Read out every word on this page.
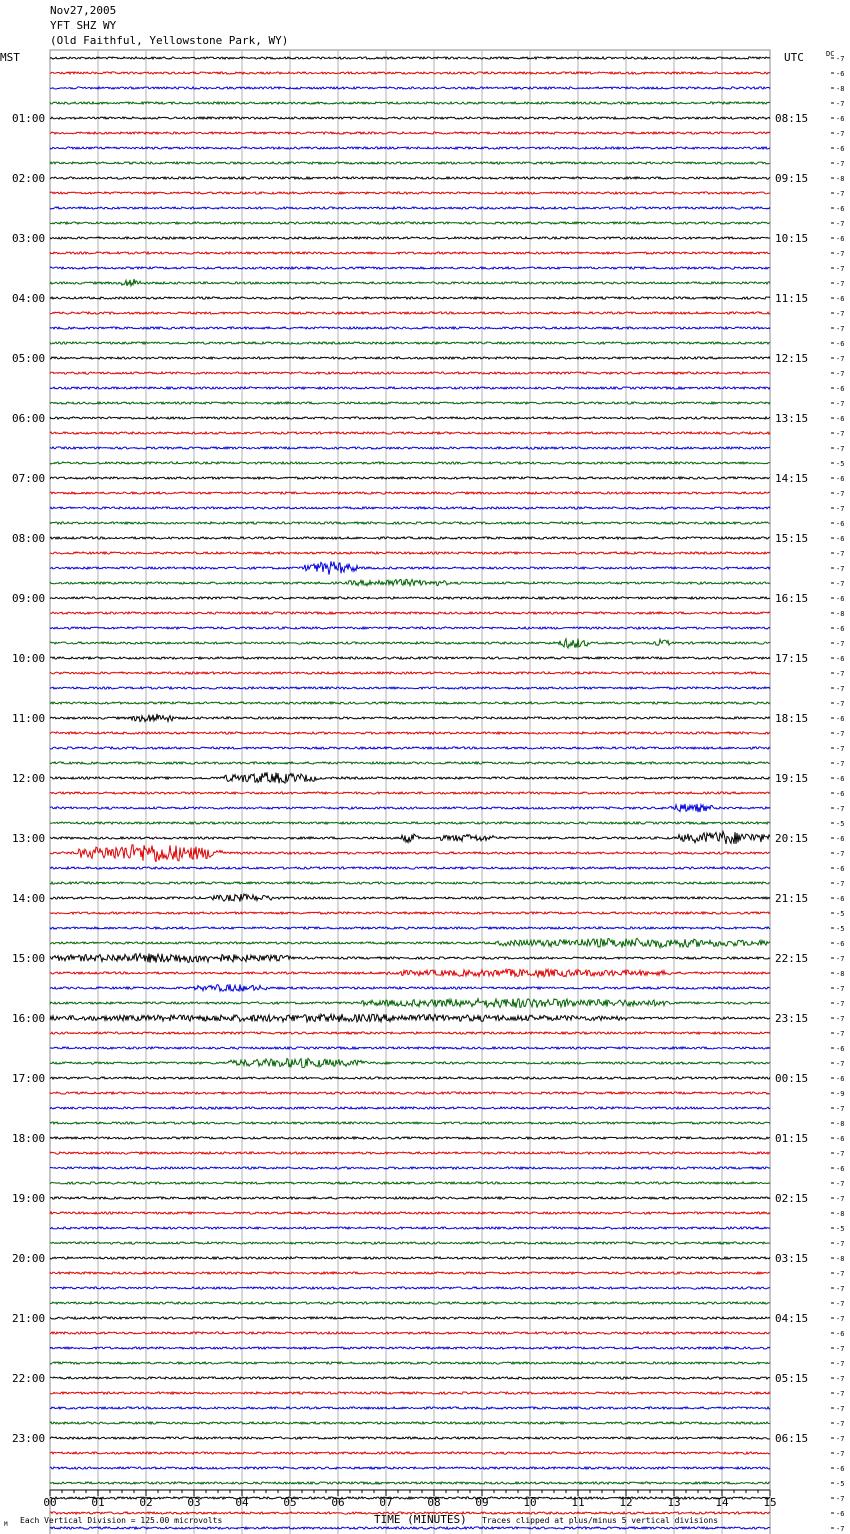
Nov27,2005
YFT SHZ WY
(Old Faithful, Yellowstone Park, WY)
MST	UTC	DC
-7
-6
-8
-7
-6
01:00	08:15
-7
-6
-7
-8
02:00	09:15
-7
-6
-7
-6
03:00	10:15
-7
-7
-7
-6
04:00	11:15
-7
-7
-6
-7
05:00	12:15
-7
-6
-7
-6
06:00	13:15
-7
-7
-5
-6
07:00	14:15
-7
-7
-6
-6
08:00	15:15
-7
-7
-7
-6
09:00	16:15
-8
-6
-7
-6
10:00	17:15
-7
-7
-7
-6
11:00	18:15
-7
-7
-7
-6
12:00	19:15
-6
-7
-5
-6
13:00	20:15
-7
-6
-7
-6
14:00	21:15
-5
-5
-6
-7
15:00	22:15
-8
-7
-7
-7
16:00	23:15
-7
-6
-7
-6
17:00	00:15
-9
-7
-8
-6
18:00	01:15
-7
-6
-7
-7
19:00	02:15
-8
-5
-7
-8
20:00	03:15
-7
-7
-7
-7
21:00	04:15
-6
-7
-7
-7
22:00	05:15
-7
-7
-7
-7
23:00	06:15
-7
-6
-5
-7
-6
-7
00	01	02	03	04	05	06	07	08	09	10	11	12	13	14	15
M Each Vertical Division = 125.00 microvolts	TIME (MINUTES) Traces clipped at plus/minus 5 vertical divisions
